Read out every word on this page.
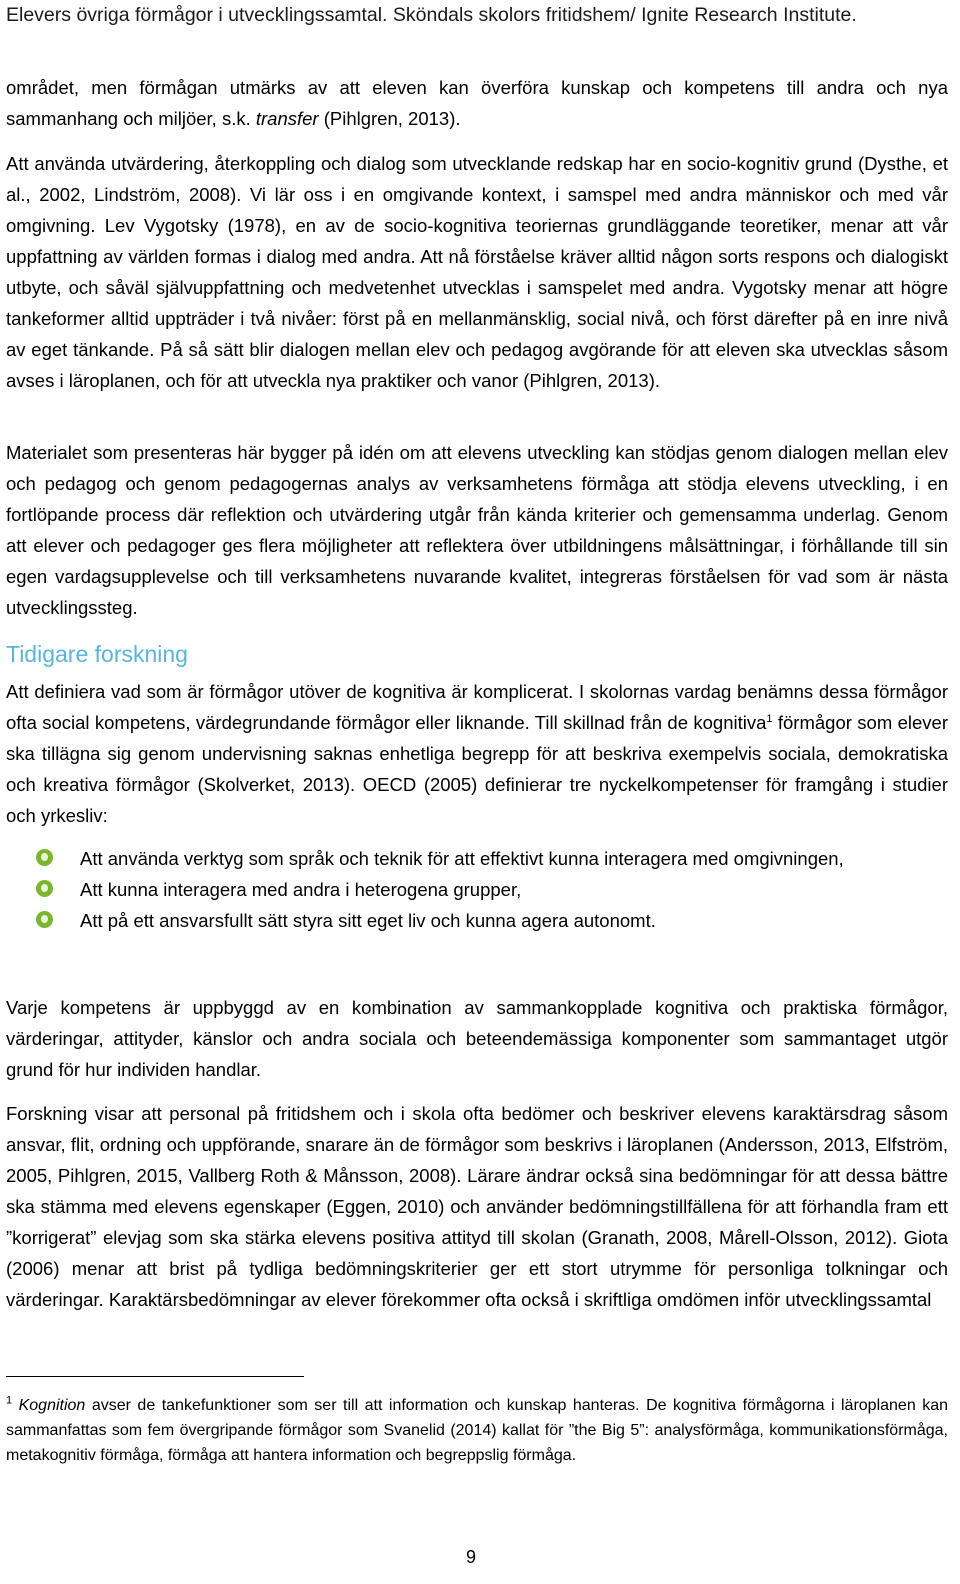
Elevers övriga förmågor i utvecklingssamtal. Sköndals skolors fritidshem/ Ignite Research Institute.
området, men förmågan utmärks av att eleven kan överföra kunskap och kompetens till andra och nya sammanhang och miljöer, s.k. transfer (Pihlgren, 2013).
Att använda utvärdering, återkoppling och dialog som utvecklande redskap har en socio-kognitiv grund (Dysthe, et al., 2002, Lindström, 2008). Vi lär oss i en omgivande kontext, i samspel med andra människor och med vår omgivning. Lev Vygotsky (1978), en av de socio-kognitiva teoriernas grundläggande teoretiker, menar att vår uppfattning av världen formas i dialog med andra. Att nå förståelse kräver alltid någon sorts respons och dialogiskt utbyte, och såväl självuppfattning och medvetenhet utvecklas i samspelet med andra. Vygotsky menar att högre tankeformer alltid uppträder i två nivåer: först på en mellanmänsklig, social nivå, och först därefter på en inre nivå av eget tänkande. På så sätt blir dialogen mellan elev och pedagog avgörande för att eleven ska utvecklas såsom avses i läroplanen, och för att utveckla nya praktiker och vanor (Pihlgren, 2013).
Materialet som presenteras här bygger på idén om att elevens utveckling kan stödjas genom dialogen mellan elev och pedagog och genom pedagogernas analys av verksamhetens förmåga att stödja elevens utveckling, i en fortlöpande process där reflektion och utvärdering utgår från kända kriterier och gemensamma underlag. Genom att elever och pedagoger ges flera möjligheter att reflektera över utbildningens målsättningar, i förhållande till sin egen vardagsupplevelse och till verksamhetens nuvarande kvalitet, integreras förståelsen för vad som är nästa utvecklingssteg.
Tidigare forskning
Att definiera vad som är förmågor utöver de kognitiva är komplicerat. I skolornas vardag benämns dessa förmågor ofta social kompetens, värdegrundande förmågor eller liknande. Till skillnad från de kognitiva$^1$ förmågor som elever ska tillägna sig genom undervisning saknas enhetliga begrepp för att beskriva exempelvis sociala, demokratiska och kreativa förmågor (Skolverket, 2013). OECD (2005) definierar tre nyckelkompetenser för framgång i studier och yrkesliv:
Att använda verktyg som språk och teknik för att effektivt kunna interagera med omgivningen,
Att kunna interagera med andra i heterogena grupper,
Att på ett ansvarsfullt sätt styra sitt eget liv och kunna agera autonomt.
Varje kompetens är uppbyggd av en kombination av sammankopplade kognitiva och praktiska förmågor, värderingar, attityder, känslor och andra sociala och beteendemässiga komponenter som sammantaget utgör grund för hur individen handlar.
Forskning visar att personal på fritidshem och i skola ofta bedömer och beskriver elevens karaktärsdrag såsom ansvar, flit, ordning och uppförande, snarare än de förmågor som beskrivs i läroplanen (Andersson, 2013, Elfström, 2005, Pihlgren, 2015, Vallberg Roth & Månsson, 2008). Lärare ändrar också sina bedömningar för att dessa bättre ska stämma med elevens egenskaper (Eggen, 2010) och använder bedömningstillfällena för att förhandla fram ett ”korrigerat” elevjag som ska stärka elevens positiva attityd till skolan (Granath, 2008, Mårell-Olsson, 2012). Giota (2006) menar att brist på tydliga bedömningskriterier ger ett stort utrymme för personliga tolkningar och värderingar. Karaktärsbedömningar av elever förekommer ofta också i skriftliga omdömen inför utvecklingssamtal
$^1$ Kognition avser de tankefunktioner som ser till att information och kunskap hanteras. De kognitiva förmågorna i läroplanen kan sammanfattas som fem övergripande förmågor som Svanelid (2014) kallat för ”the Big 5”: analysförmåga, kommunikationsförmåga, metakognitiv förmåga, förmåga att hantera information och begreppslig förmåga.
9
